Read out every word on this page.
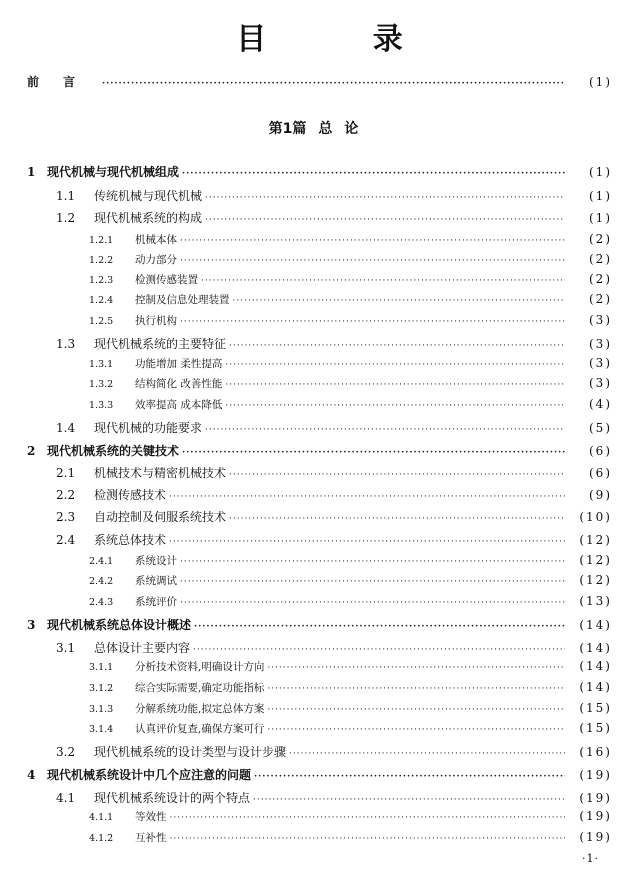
目 录
前言 ·····	(1)
第1篇 总论
1 现代机械与现代机械组成 ·····	(1)
1.1	传统机械与现代机械 ·····	(1)
1.2	现代机械系统的构成 ·····	(1)
1.2.1	机械本体 ·····	(2)
1.2.2	动力部分 ·····	(2)
1.2.3	检测传感装置 ·····	(2)
1.2.4	控制及信息处理装置 ·····	(2)
1.2.5	执行机构 ·····	(3)
1.3	现代机械系统的主要特征 ·····	(3)
1.3.1	功能增加 柔性提高 ·····	(3)
1.3.2	结构简化 改善性能 ·····	(3)
1.3.3	效率提高 成本降低 ·····	(4)
1.4	现代机械的功能要求 ·····	(5)
2 现代机械系统的关键技术 ·····	(6)
2.1	机械技术与精密机械技术 ·····	(6)
2.2	检测传感技术 ·····	(9)
2.3	自动控制及伺服系统技术 ·····	(10)
2.4	系统总体技术 ·····	(12)
2.4.1	系统设计 ·····	(12)
2.4.2	系统调试 ·····	(12)
2.4.3	系统评价 ·····	(13)
3 现代机械系统总体设计概述 ·····	(14)
3.1	总体设计主要内容 ·····	(14)
3.1.1	分析技术资料,明确设计方向 ·····	(14)
3.1.2	综合实际需要,确定功能指标 ·····	(14)
3.1.3	分解系统功能,拟定总体方案 ·····	(15)
3.1.4	认真评价复查,确保方案可行 ·····	(15)
3.2	现代机械系统的设计类型与设计步骤 ·····	(16)
4 现代机械系统设计中几个应注意的问题 ·····	(19)
4.1	现代机械系统设计的两个特点 ·····	(19)
4.1.1	等效性 ·····	(19)
4.1.2	互补性 ·····	(19)
·1·
